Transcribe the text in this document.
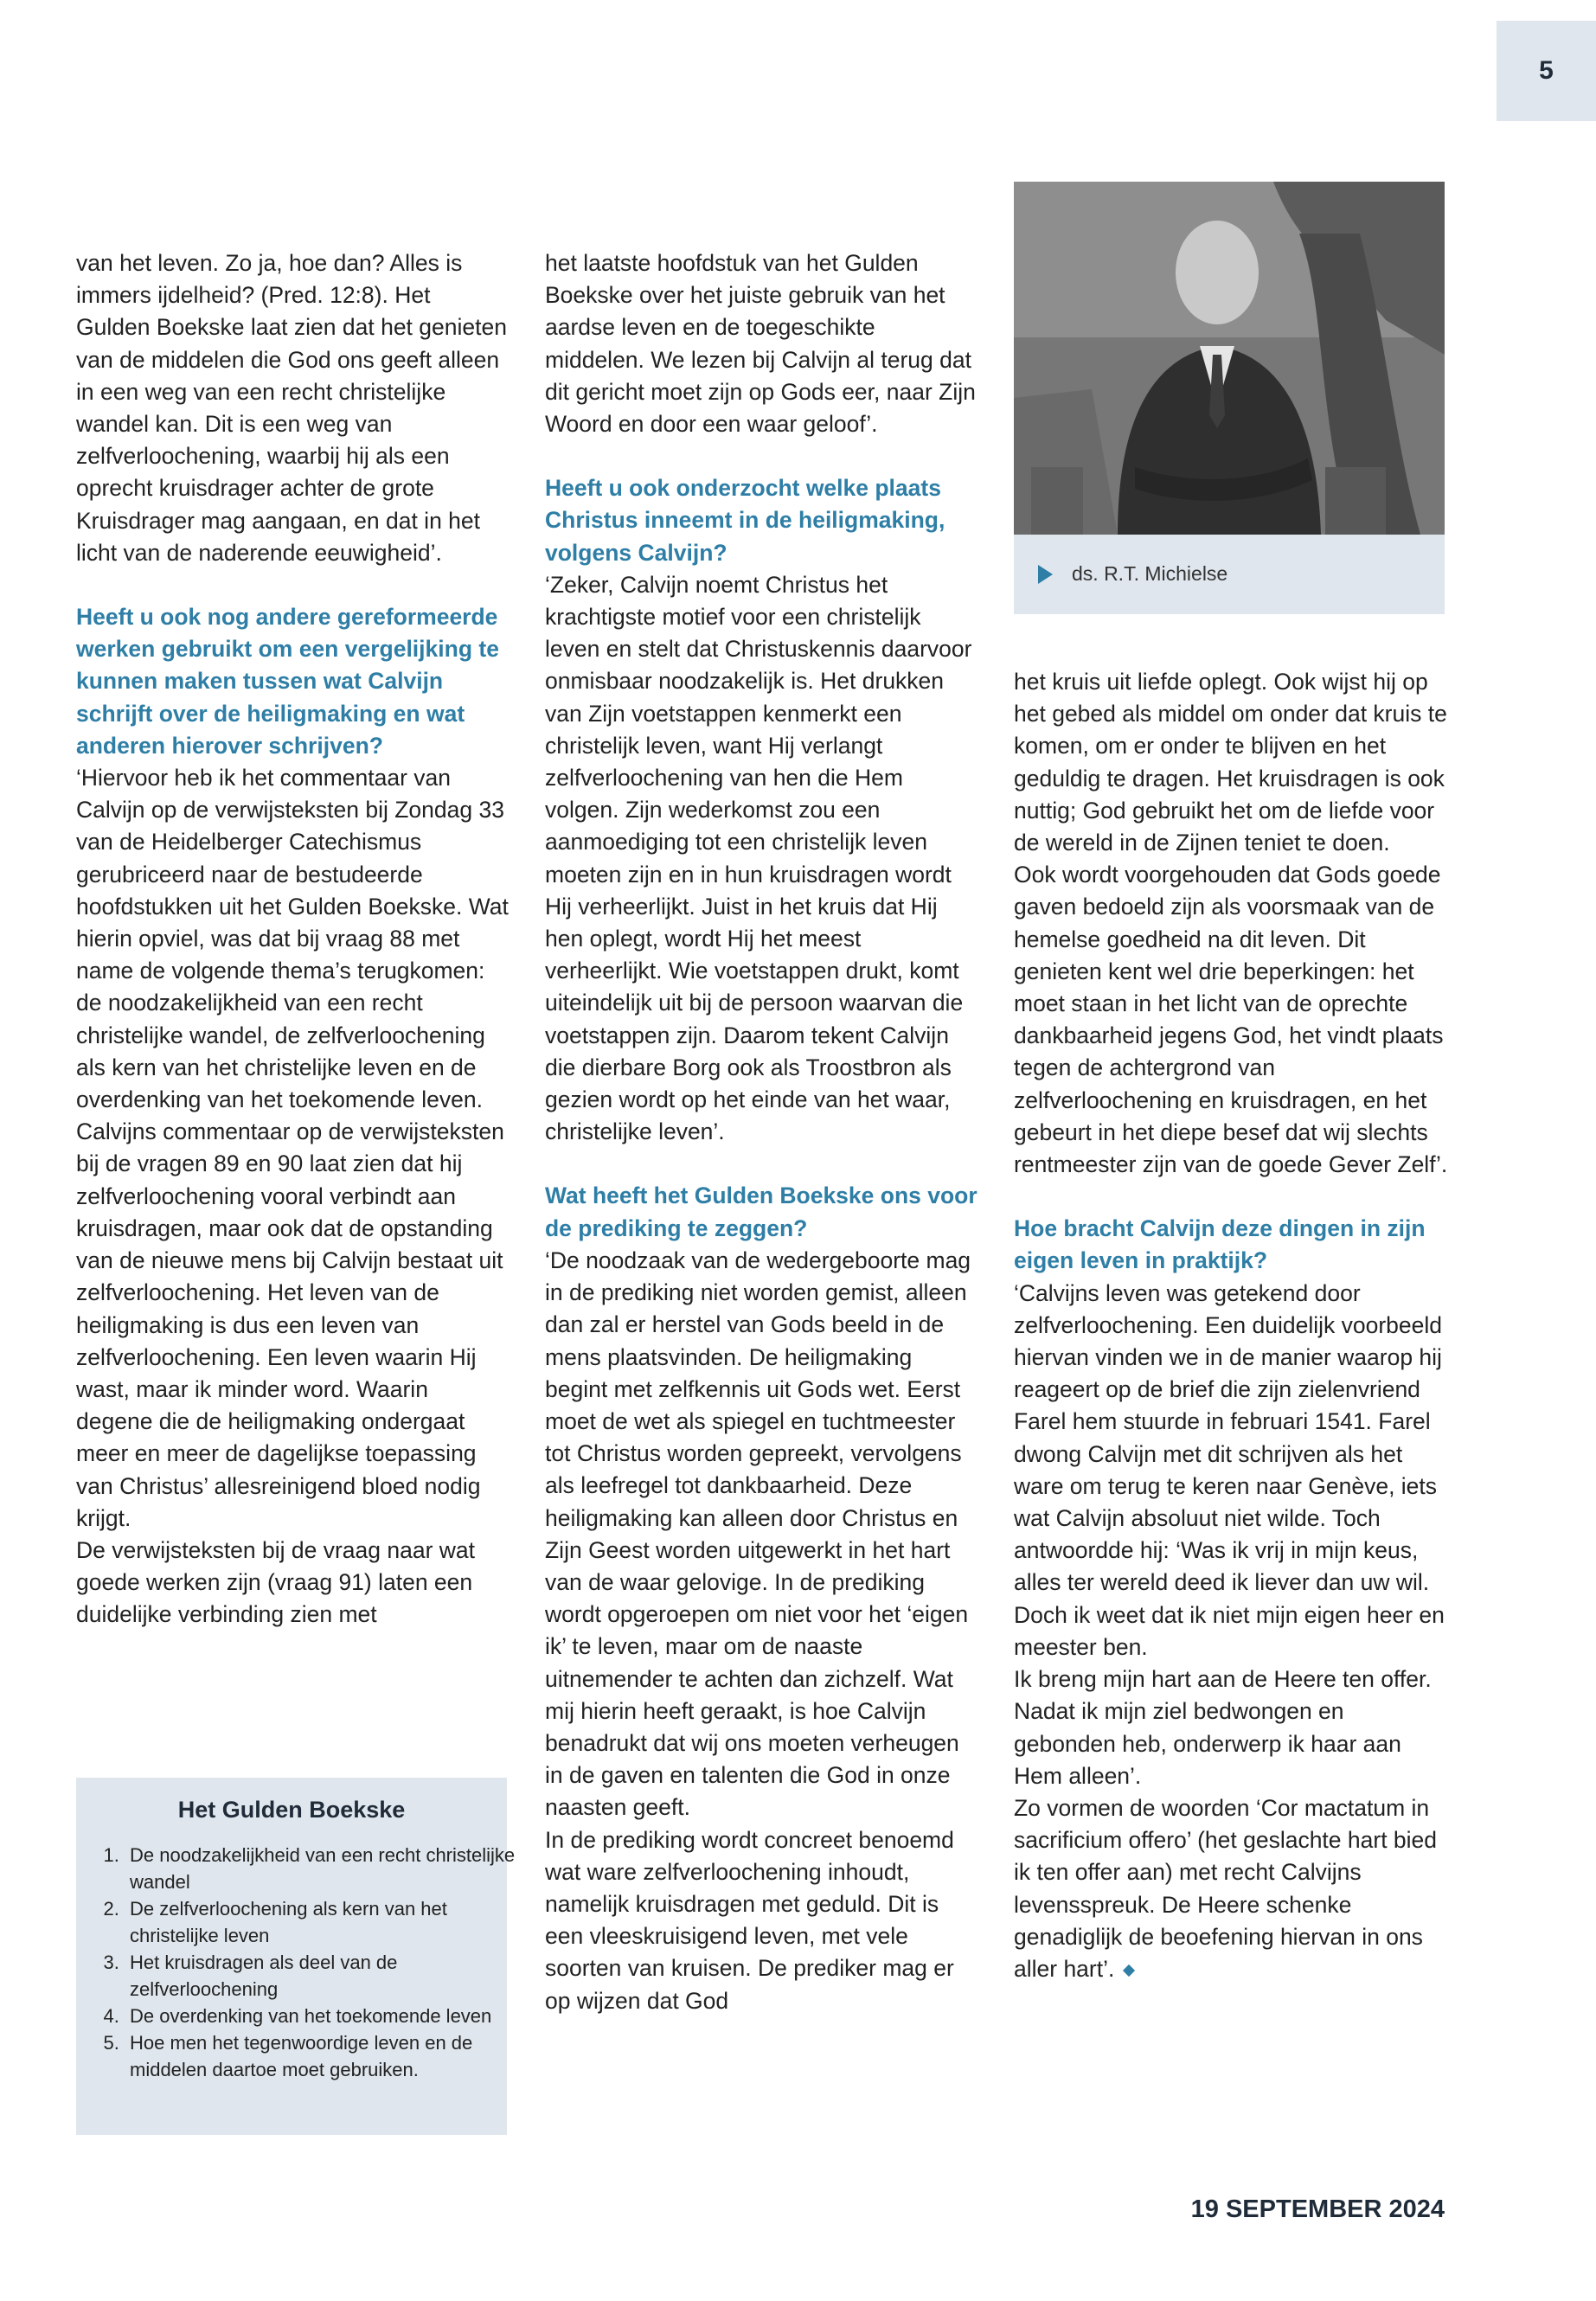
5

van het leven. Zo ja, hoe dan? Alles is immers ijdelheid? (Pred. 12:8). Het Gulden Boekske laat zien dat het genieten van de middelen die God ons geeft alleen in een weg van een recht christelijke wandel kan. Dit is een weg van zelfverloochening, waarbij hij als een oprecht kruisdrager achter de grote Kruisdrager mag aangaan, en dat in het licht van de naderende eeuwigheid’.

Heeft u ook nog andere gereformeerde werken gebruikt om een vergelijking te kunnen maken tussen wat Calvijn schrijft over de heiligmaking en wat anderen hierover schrijven?

‘Hiervoor heb ik het commentaar van Calvijn op de verwijsteksten bij Zondag 33 van de Heidelberger Catechismus gerubriceerd naar de bestudeerde hoofdstukken uit het Gulden Boekske. Wat hierin opviel, was dat bij vraag 88 met name de volgende thema’s terugkomen: de noodzakelijkheid van een recht christelijke wandel, de zelfverloochening als kern van het christelijke leven en de overdenking van het toekomende leven. Calvijns commentaar op de verwijsteksten bij de vragen 89 en 90 laat zien dat hij zelfverloochening vooral verbindt aan kruisdragen, maar ook dat de opstanding van de nieuwe mens bij Calvijn bestaat uit zelfverloochening. Het leven van de heiligmaking is dus een leven van zelfverloochening. Een leven waarin Hij wast, maar ik minder word. Waarin degene die de heiligmaking ondergaat meer en meer de dagelijkse toepassing van Christus’ allesreinigend bloed nodig krijgt.

De verwijsteksten bij de vraag naar wat goede werken zijn (vraag 91) laten een duidelijke verbinding zien met

Het Gulden Boekske
1. De noodzakelijkheid van een recht christelijke wandel
2. De zelfverloochening als kern van het christelijke leven
3. Het kruisdragen als deel van de zelfverloochening
4. De overdenking van het toekomende leven
5. Hoe men het tegenwoordige leven en de middelen daartoe moet gebruiken.

het laatste hoofdstuk van het Gulden Boekske over het juiste gebruik van het aardse leven en de toegeschikte middelen. We lezen bij Calvijn al terug dat dit gericht moet zijn op Gods eer, naar Zijn Woord en door een waar geloof’.

Heeft u ook onderzocht welke plaats Christus inneemt in de heiligmaking, volgens Calvijn?

‘Zeker, Calvijn noemt Christus het krachtigste motief voor een christelijk leven en stelt dat Christuskennis daarvoor onmisbaar noodzakelijk is. Het drukken van Zijn voetstappen kenmerkt een christelijk leven, want Hij verlangt zelfverloochening van hen die Hem volgen. Zijn wederkomst zou een aanmoediging tot een christelijk leven moeten zijn en in hun kruisdragen wordt Hij verheerlijkt. Juist in het kruis dat Hij hen oplegt, wordt Hij het meest verheerlijkt. Wie voetstappen drukt, komt uiteindelijk uit bij de persoon waarvan die voetstappen zijn. Daarom tekent Calvijn die dierbare Borg ook als Troostbron als gezien wordt op het einde van het waar, christelijke leven’.

Wat heeft het Gulden Boekske ons voor de prediking te zeggen?

‘De noodzaak van de wedergeboorte mag in de prediking niet worden gemist, alleen dan zal er herstel van Gods beeld in de mens plaatsvinden. De heiligmaking begint met zelfkennis uit Gods wet. Eerst moet de wet als spiegel en tuchtmeester tot Christus worden gepreekt, vervolgens als leefregel tot dankbaarheid. Deze heiligmaking kan alleen door Christus en Zijn Geest worden uitgewerkt in het hart van de waar gelovige. In de prediking wordt opgeroepen om niet voor het ‘eigen ik’ te leven, maar om de naaste uitnemender te achten dan zichzelf. Wat mij hierin heeft geraakt, is hoe Calvijn benadrukt dat wij ons moeten verheugen in de gaven en talenten die God in onze naasten geeft.

In de prediking wordt concreet benoemd wat ware zelfverloochening inhoudt, namelijk kruisdragen met geduld. Dit is een vleeskruisigend leven, met vele soorten van kruisen. De prediker mag er op wijzen dat God

ds. R.T. Michielse

het kruis uit liefde oplegt. Ook wijst hij op het gebed als middel om onder dat kruis te komen, om er onder te blijven en het geduldig te dragen. Het kruisdragen is ook nuttig; God gebruikt het om de liefde voor de wereld in de Zijnen teniet te doen.

Ook wordt voorgehouden dat Gods goede gaven bedoeld zijn als voorsmaak van de hemelse goedheid na dit leven. Dit genieten kent wel drie beperkingen: het moet staan in het licht van de oprechte dankbaarheid jegens God, het vindt plaats tegen de achtergrond van zelfverloochening en kruisdragen, en het gebeurt in het diepe besef dat wij slechts rentmeester zijn van de goede Gever Zelf’.

Hoe bracht Calvijn deze dingen in zijn eigen leven in praktijk?

‘Calvijns leven was getekend door zelfverloochening. Een duidelijk voorbeeld hiervan vinden we in de manier waarop hij reageert op de brief die zijn zielenvriend Farel hem stuurde in februari 1541. Farel dwong Calvijn met dit schrijven als het ware om terug te keren naar Genève, iets wat Calvijn absoluut niet wilde. Toch antwoordde hij: ‘Was ik vrij in mijn keus, alles ter wereld deed ik liever dan uw wil. Doch ik weet dat ik niet mijn eigen heer en meester ben.

Ik breng mijn hart aan de Heere ten offer. Nadat ik mijn ziel bedwongen en gebonden heb, onderwerp ik haar aan Hem alleen’.

Zo vormen de woorden ‘Cor mactatum in sacrificium offero’ (het geslachte hart bied ik ten offer aan) met recht Calvijns levensspreuk. De Heere schenke genadiglijk de beoefening hiervan in ons aller hart’.

19 SEPTEMBER 2024
